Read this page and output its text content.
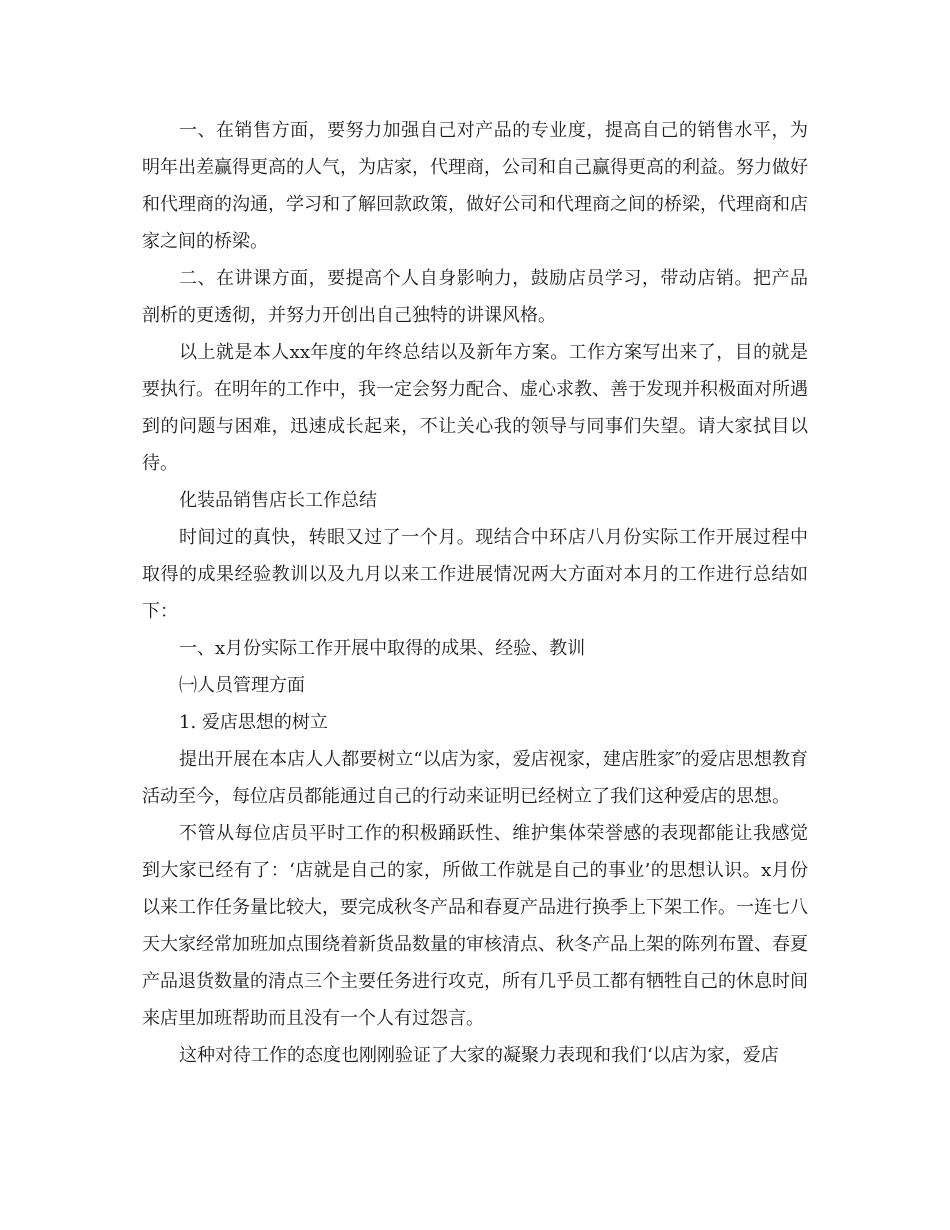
一、在销售方面，要努力加强自己对产品的专业度，提高自己的销售水平，为明年出差赢得更高的人气，为店家，代理商，公司和自己赢得更高的利益。努力做好和代理商的沟通，学习和了解回款政策，做好公司和代理商之间的桥梁，代理商和店家之间的桥梁。

二、在讲课方面，要提高个人自身影响力，鼓励店员学习，带动店销。把产品剖析的更透彻，并努力开创出自己独特的讲课风格。

以上就是本人xx年度的年终总结以及新年方案。工作方案写出来了，目的就是要执行。在明年的工作中，我一定会努力配合、虚心求教、善于发现并积极面对所遇到的问题与困难，迅速成长起来，不让关心我的领导与同事们失望。请大家拭目以待。

化装品销售店长工作总结

时间过的真快，转眼又过了一个月。现结合中环店八月份实际工作开展过程中取得的成果经验教训以及九月以来工作进展情况两大方面对本月的工作进行总结如下：

一、x月份实际工作开展中取得的成果、经验、教训

㈠人员管理方面

1. 爱店思想的树立

提出开展在本店人人都要树立“以店为家，爱店视家，建店胜家″的爱店思想教育活动至今，每位店员都能通过自己的行动来证明已经树立了我们这种爱店的思想。

不管从每位店员平时工作的积极踊跃性、维护集体荣誉感的表现都能让我感觉到大家已经有了：‘店就是自己的家，所做工作就是自己的事业’的思想认识。x月份以来工作任务量比较大，要完成秋冬产品和春夏产品进行换季上下架工作。一连七八天大家经常加班加点围绕着新货品数量的审核清点、秋冬产品上架的陈列布置、春夏产品退货数量的清点三个主要任务进行攻克，所有几乎员工都有牺牲自己的休息时间来店里加班帮助而且没有一个人有过怨言。

这种对待工作的态度也刚刚验证了大家的凝聚力表现和我们‘以店为家，爱店
